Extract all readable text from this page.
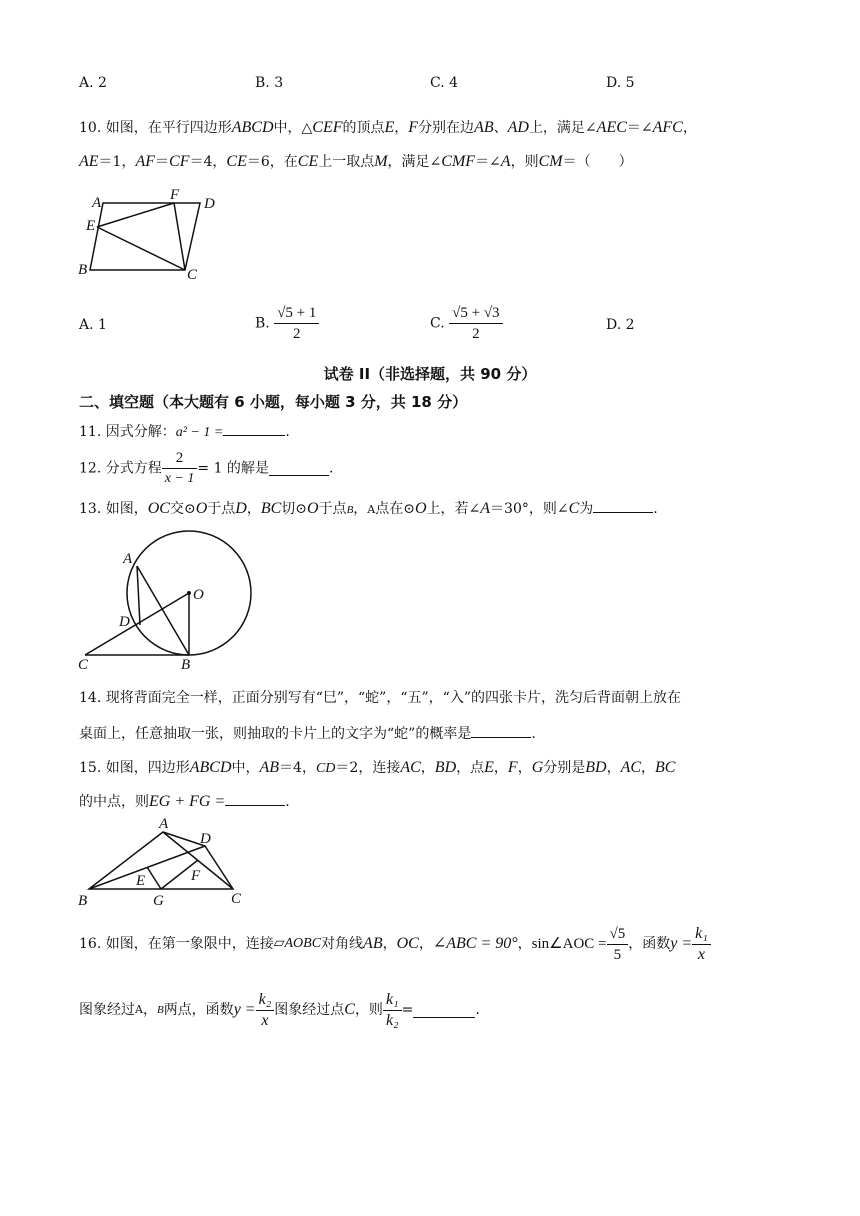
A. 2	B. 3	C. 4	D. 5
10. 如图，在平行四边形ABCD中，△CEF的顶点E，F分别在边AB、AD上，满足∠AEC＝∠AFC，
AE＝1，AF＝CF＝4，CE＝6，在CE上一取点M，满足∠CMF＝∠A，则CM＝（　　）
A	F
D
E
B	C
A. 1	B. $\frac{√5 + 1}{2}$	C. $\frac{√5 + √3}{2}$	D. 2
试卷 II（非选择题，共 90 分）
二、填空题（本大题有 6 小题，每小题 3 分，共 18 分）
11. 因式分解：a² − 1 =	.
12. 分式方程 $\frac{2}{x - 1} = 1$ 的解是	.
13. 如图，OC交⊙O于点D，BC切⊙O于点B，A点在⊙O上，若∠A＝30°，则∠C为	.
A
O
D
C	B
14. 现将背面完全一样，正面分别写有“巳”，“蛇”，“五”，“入”的四张卡片，洗匀后背面朝上放在
桌面上，任意抽取一张，则抽取的卡片上的文字为“蛇”的概率是	.
15. 如图，四边形ABCD中，AB＝4，CD＝2，连接AC，BD，点E，F，G分别是BD，AC，BC
的中点，则EG + FG =	.
A
D
F
E
B	G	C
16. 如图，在第一象限中，连接▱AOBC对角线AB，OC，∠ABC = 90°，sin∠AOC = $\frac{√5}{5}$ ，函数$y = \frac{\text{k₁}}{x}$
图象经过A，B两点，函数$y = \frac{\text{k₂}}{x}$ 图象经过点C，则 $\frac{\text{k₁}}{\text{k₂}}$ =	.
